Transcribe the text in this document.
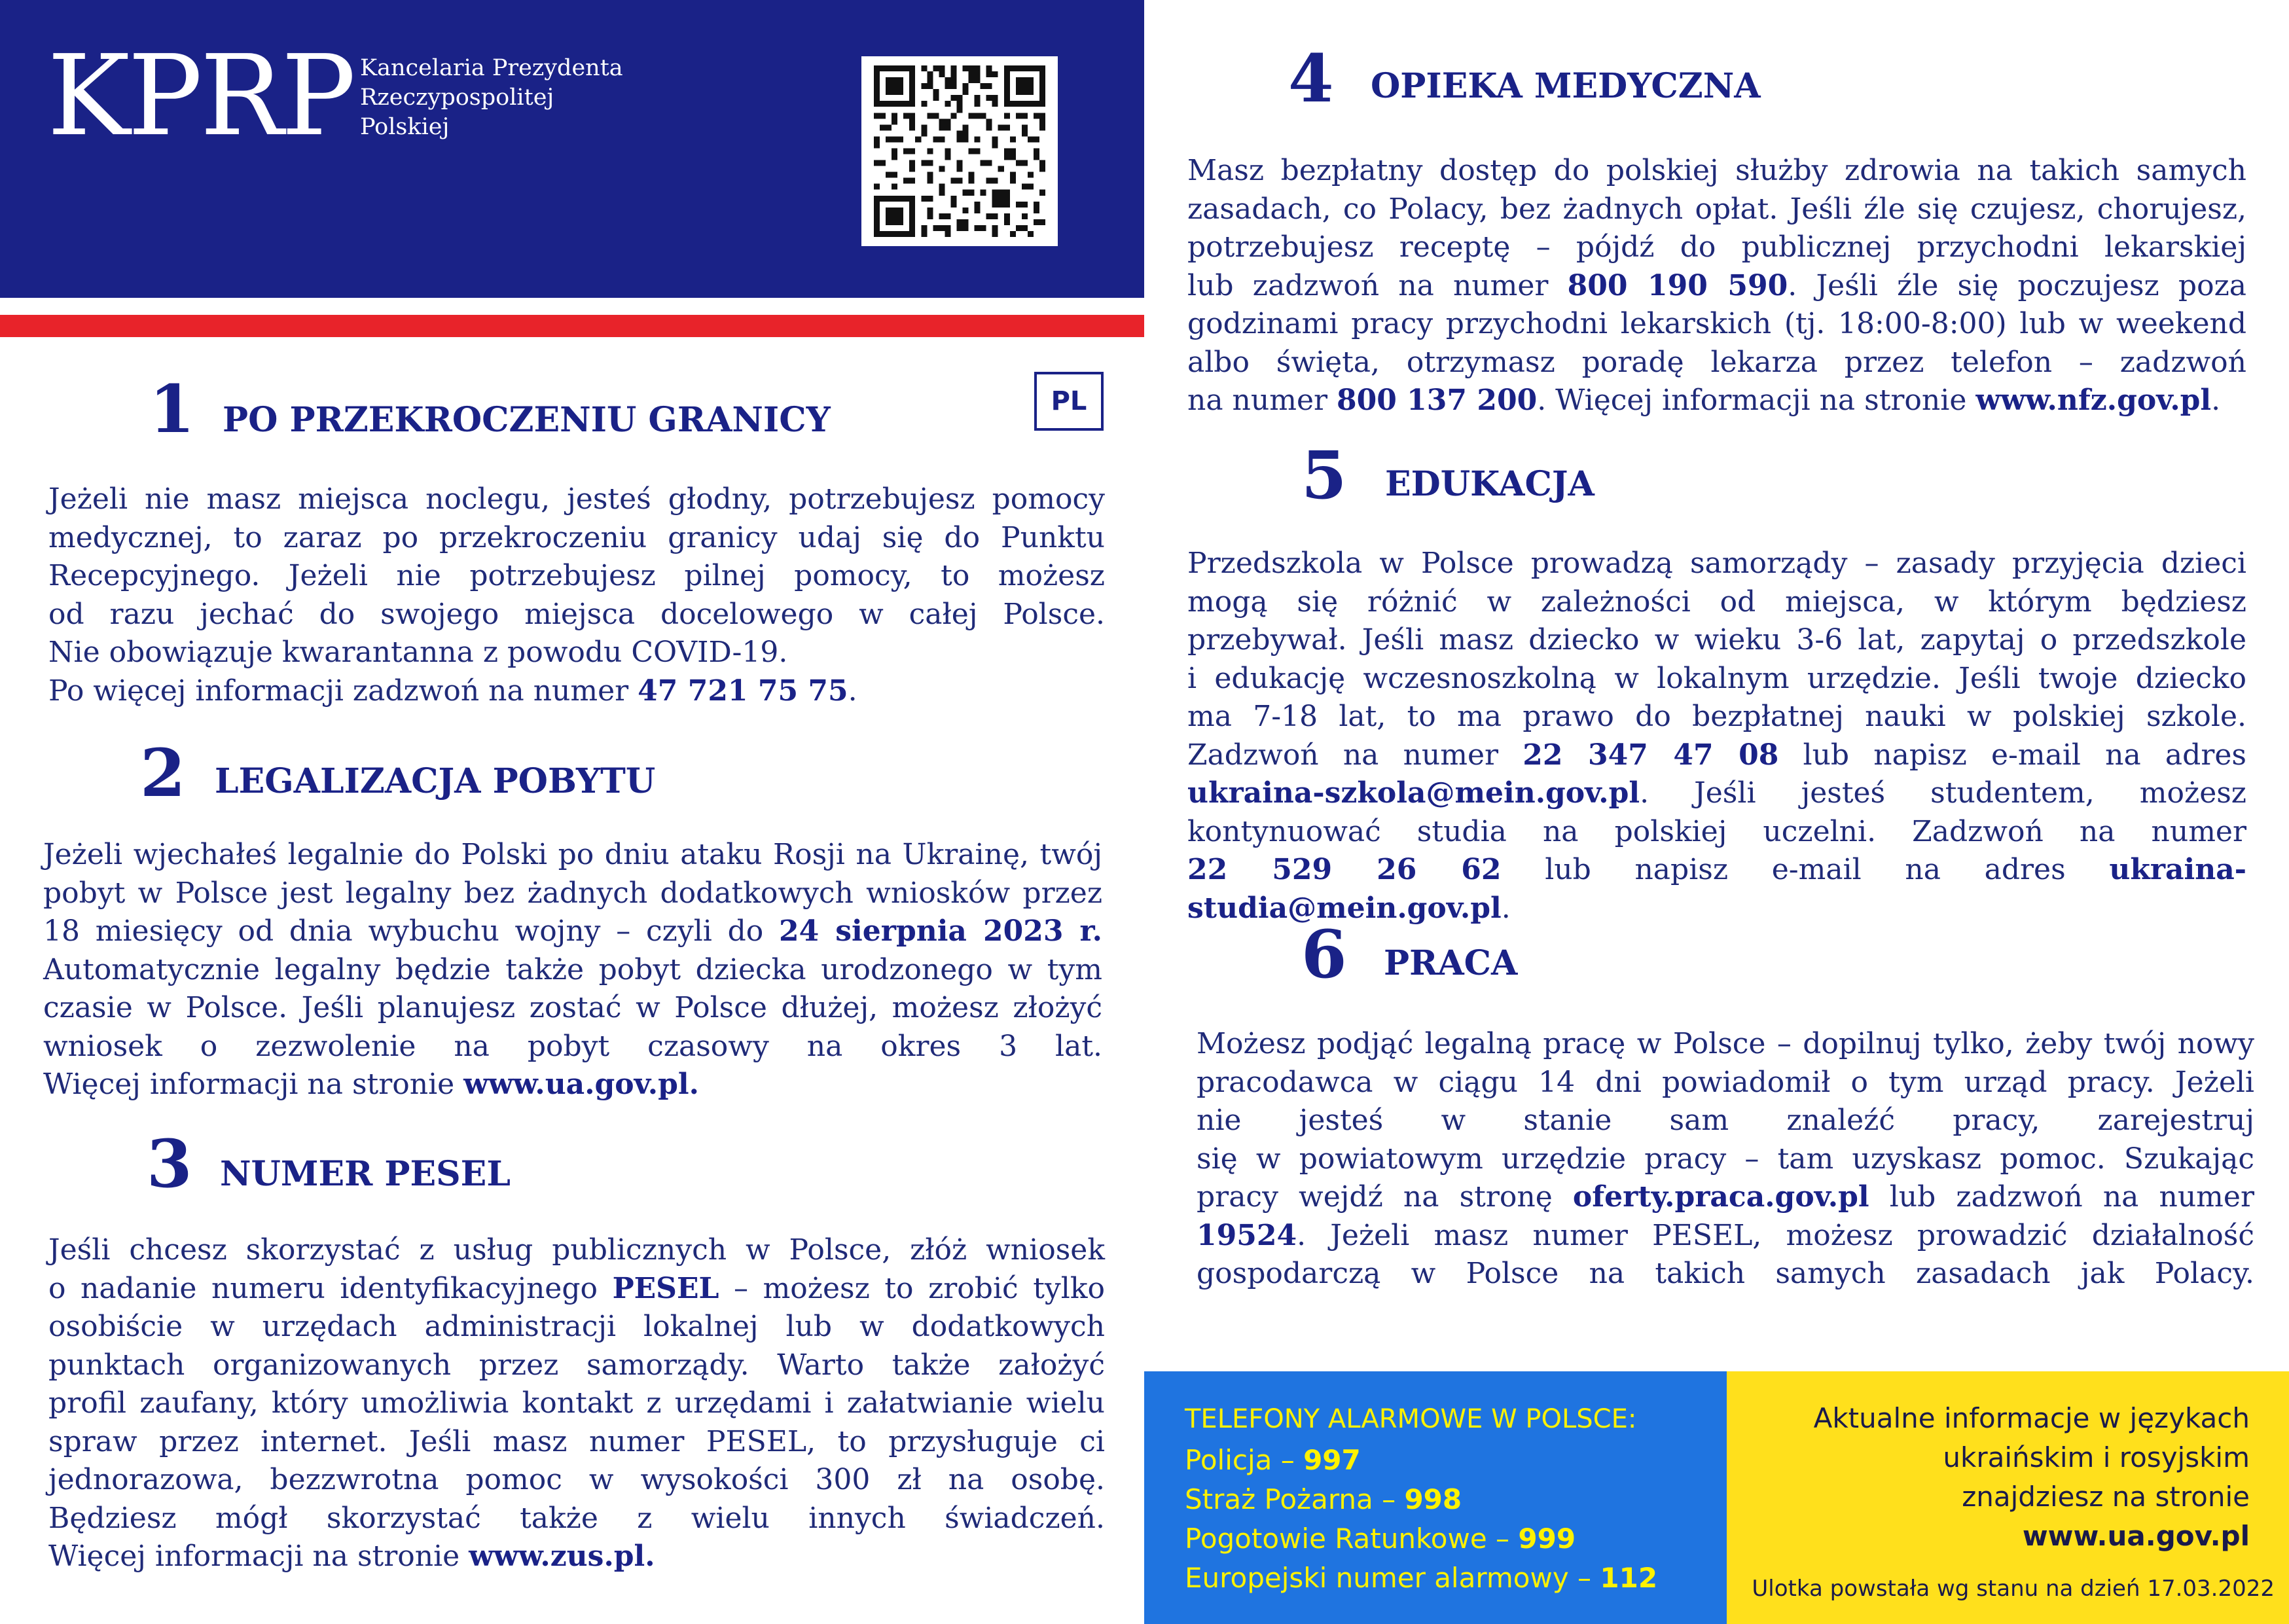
KPRP Kancelaria Prezydenta
Rzeczypospolitej
Polskiej
PL
1 PO PRZEKROCZENIU GRANICY
Jeżeli nie masz miejsca noclegu, jesteś głodny, potrzebujesz pomocy
medycznej, to zaraz po przekroczeniu granicy udaj się do Punktu
Recepcyjnego. Jeżeli nie potrzebujesz pilnej pomocy, to możesz
od razu jechać do swojego miejsca docelowego w całej Polsce.
Nie obowiązuje kwarantanna z powodu COVID-19.
Po więcej informacji zadzwoń na numer 47 721 75 75.
2 LEGALIZACJA POBYTU
Jeżeli wjechałeś legalnie do Polski po dniu ataku Rosji na Ukrainę, twój
pobyt w Polsce jest legalny bez żadnych dodatkowych wniosków przez
18 miesięcy od dnia wybuchu wojny – czyli do 24 sierpnia 2023 r.
Automatycznie legalny będzie także pobyt dziecka urodzonego w tym
czasie w Polsce. Jeśli planujesz zostać w Polsce dłużej, możesz złożyć
wniosek o zezwolenie na pobyt czasowy na okres 3 lat.
Więcej informacji na stronie www.ua.gov.pl.
3 NUMER PESEL
Jeśli chcesz skorzystać z usług publicznych w Polsce, złóż wniosek
o nadanie numeru identyfikacyjnego PESEL – możesz to zrobić tylko
osobiście w urzędach administracji lokalnej lub w dodatkowych
punktach organizowanych przez samorządy. Warto także założyć
profil zaufany, który umożliwia kontakt z urzędami i załatwianie wielu
spraw przez internet. Jeśli masz numer PESEL, to przysługuje ci
jednorazowa, bezzwrotna pomoc w wysokości 300 zł na osobę.
Będziesz mógł skorzystać także z wielu innych świadczeń.
Więcej informacji na stronie www.zus.pl.
4 OPIEKA MEDYCZNA
Masz bezpłatny dostęp do polskiej służby zdrowia na takich samych
zasadach, co Polacy, bez żadnych opłat. Jeśli źle się czujesz, chorujesz,
potrzebujesz receptę – pójdź do publicznej przychodni lekarskiej
lub zadzwoń na numer 800 190 590. Jeśli źle się poczujesz poza
godzinami pracy przychodni lekarskich (tj. 18:00-8:00) lub w weekend
albo święta, otrzymasz poradę lekarza przez telefon – zadzwoń
na numer 800 137 200. Więcej informacji na stronie www.nfz.gov.pl.
5 EDUKACJA
Przedszkola w Polsce prowadzą samorządy – zasady przyjęcia dzieci
mogą się różnić w zależności od miejsca, w którym będziesz
przebywał. Jeśli masz dziecko w wieku 3-6 lat, zapytaj o przedszkole
i edukację wczesnoszkolną w lokalnym urzędzie. Jeśli twoje dziecko
ma 7-18 lat, to ma prawo do bezpłatnej nauki w polskiej szkole.
Zadzwoń na numer 22 347 47 08 lub napisz e-mail na adres
ukraina-szkola@mein.gov.pl. Jeśli jesteś studentem, możesz
kontynuować studia na polskiej uczelni. Zadzwoń na numer
22 529 26 62 lub napisz e-mail na adres ukraina-studia@mein.gov.pl.
6 PRACA
Możesz podjąć legalną pracę w Polsce – dopilnuj tylko, żeby twój nowy
pracodawca w ciągu 14 dni powiadomił o tym urząd pracy. Jeżeli
nie jesteś w stanie sam znaleźć pracy, zarejestruj
się w powiatowym urzędzie pracy – tam uzyskasz pomoc. Szukając
pracy wejdź na stronę oferty.praca.gov.pl lub zadzwoń na numer
19524. Jeżeli masz numer PESEL, możesz prowadzić działalność
gospodarczą w Polsce na takich samych zasadach jak Polacy.
TELEFONY ALARMOWE W POLSCE:
Policja – 997
Straż Pożarna – 998
Pogotowie Ratunkowe – 999
Europejski numer alarmowy – 112
Aktualne informacje w językach
ukraińskim i rosyjskim
znajdziesz na stronie
www.ua.gov.pl
Ulotka powstała wg stanu na dzień 17.03.2022
